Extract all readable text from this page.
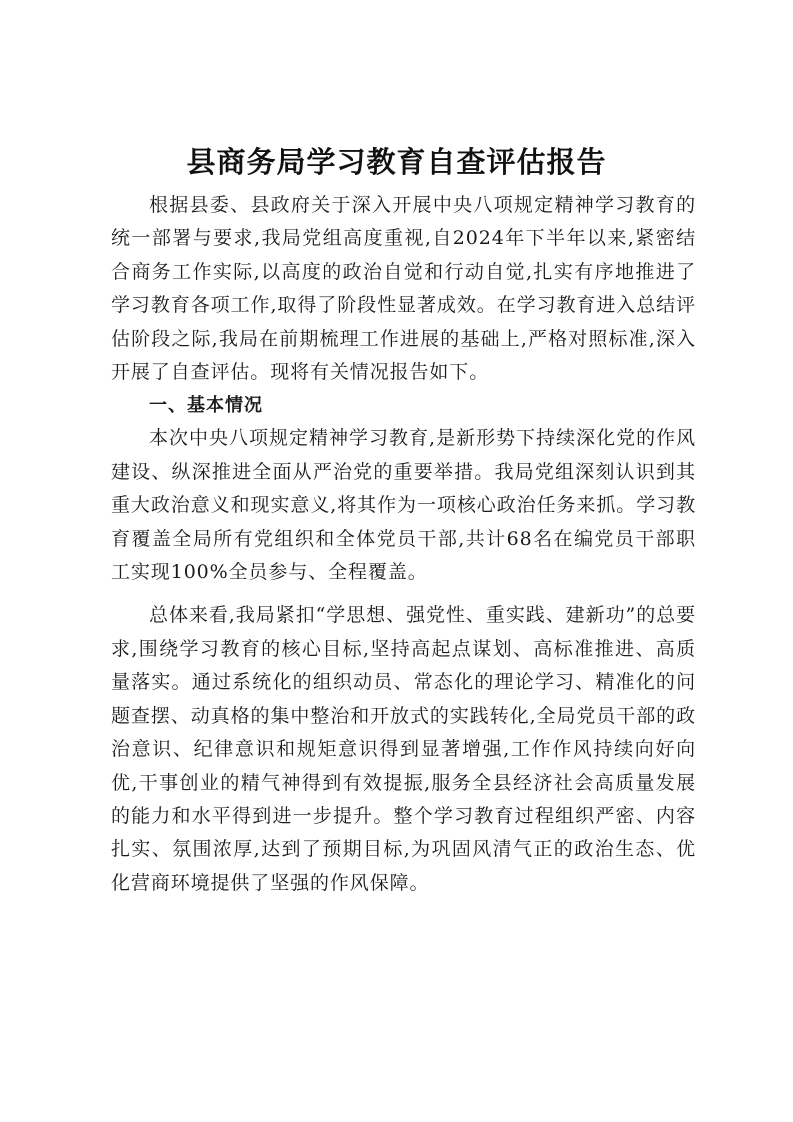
县商务局学习教育自查评估报告

根据县委、县政府关于深入开展中央八项规定精神学习教育的统一部署与要求,我局党组高度重视,自2024年下半年以来,紧密结合商务工作实际,以高度的政治自觉和行动自觉,扎实有序地推进了学习教育各项工作,取得了阶段性显著成效。在学习教育进入总结评估阶段之际,我局在前期梳理工作进展的基础上,严格对照标准,深入开展了自查评估。现将有关情况报告如下。

一、基本情况

本次中央八项规定精神学习教育,是新形势下持续深化党的作风建设、纵深推进全面从严治党的重要举措。我局党组深刻认识到其重大政治意义和现实意义,将其作为一项核心政治任务来抓。学习教育覆盖全局所有党组织和全体党员干部,共计68名在编党员干部职工实现100%全员参与、全程覆盖。

总体来看,我局紧扣“学思想、强党性、重实践、建新功”的总要求,围绕学习教育的核心目标,坚持高起点谋划、高标准推进、高质量落实。通过系统化的组织动员、常态化的理论学习、精准化的问题查摆、动真格的集中整治和开放式的实践转化,全局党员干部的政治意识、纪律意识和规矩意识得到显著增强,工作作风持续向好向优,干事创业的精气神得到有效提振,服务全县经济社会高质量发展的能力和水平得到进一步提升。整个学习教育过程组织严密、内容扎实、氛围浓厚,达到了预期目标,为巩固风清气正的政治生态、优化营商环境提供了坚强的作风保障。
